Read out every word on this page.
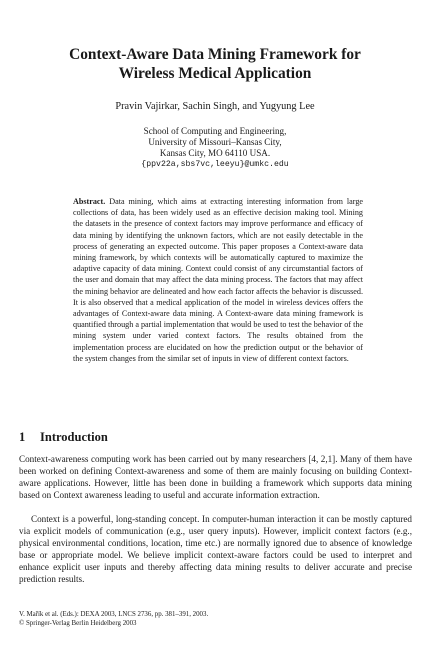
Context-Aware Data Mining Framework for
Wireless Medical Application
Pravin Vajirkar, Sachin Singh, and Yugyung Lee
School of Computing and Engineering,
University of Missouri–Kansas City,
Kansas City, MO 64110 USA.
{ppv22a,sbs7vc,leeyu}@umkc.edu

Abstract. Data mining, which aims at extracting interesting information from large collections of data, has been widely used as an effective decision making tool. Mining the datasets in the presence of context factors may improve performance and efficacy of data mining by identifying the unknown factors, which are not easily detectable in the process of generating an expected outcome. This paper proposes a Context-aware data mining framework, by which contexts will be automatically captured to maximize the adaptive capacity of data mining. Context could consist of any circumstantial factors of the user and domain that may affect the data mining process. The factors that may affect the mining behavior are delineated and how each factor affects the behavior is discussed. It is also observed that a medical application of the model in wireless devices offers the advantages of Context-aware data mining. A Context-aware data mining framework is quantified through a partial implementation that would be used to test the behavior of the mining system under varied context factors. The results obtained from the implementation process are elucidated on how the prediction output or the behavior of the system changes from the similar set of inputs in view of different context factors.

1 Introduction

Context-awareness computing work has been carried out by many researchers [4, 2,1]. Many of them have been worked on defining Context-awareness and some of them are mainly focusing on building Context-aware applications. However, little has been done in building a framework which supports data mining based on Context awareness leading to useful and accurate information extraction.

Context is a powerful, long-standing concept. In computer-human interaction it can be mostly captured via explicit models of communication (e.g., user query inputs). However, implicit context factors (e.g., physical environmental conditions, location, time etc.) are normally ignored due to absence of knowledge base or appropriate model. We believe implicit context-aware factors could be used to interpret and enhance explicit user inputs and thereby affecting data mining results to deliver accurate and precise prediction results.

V. Mařík et al. (Eds.): DEXA 2003, LNCS 2736, pp. 381–391, 2003.
© Springer-Verlag Berlin Heidelberg 2003
